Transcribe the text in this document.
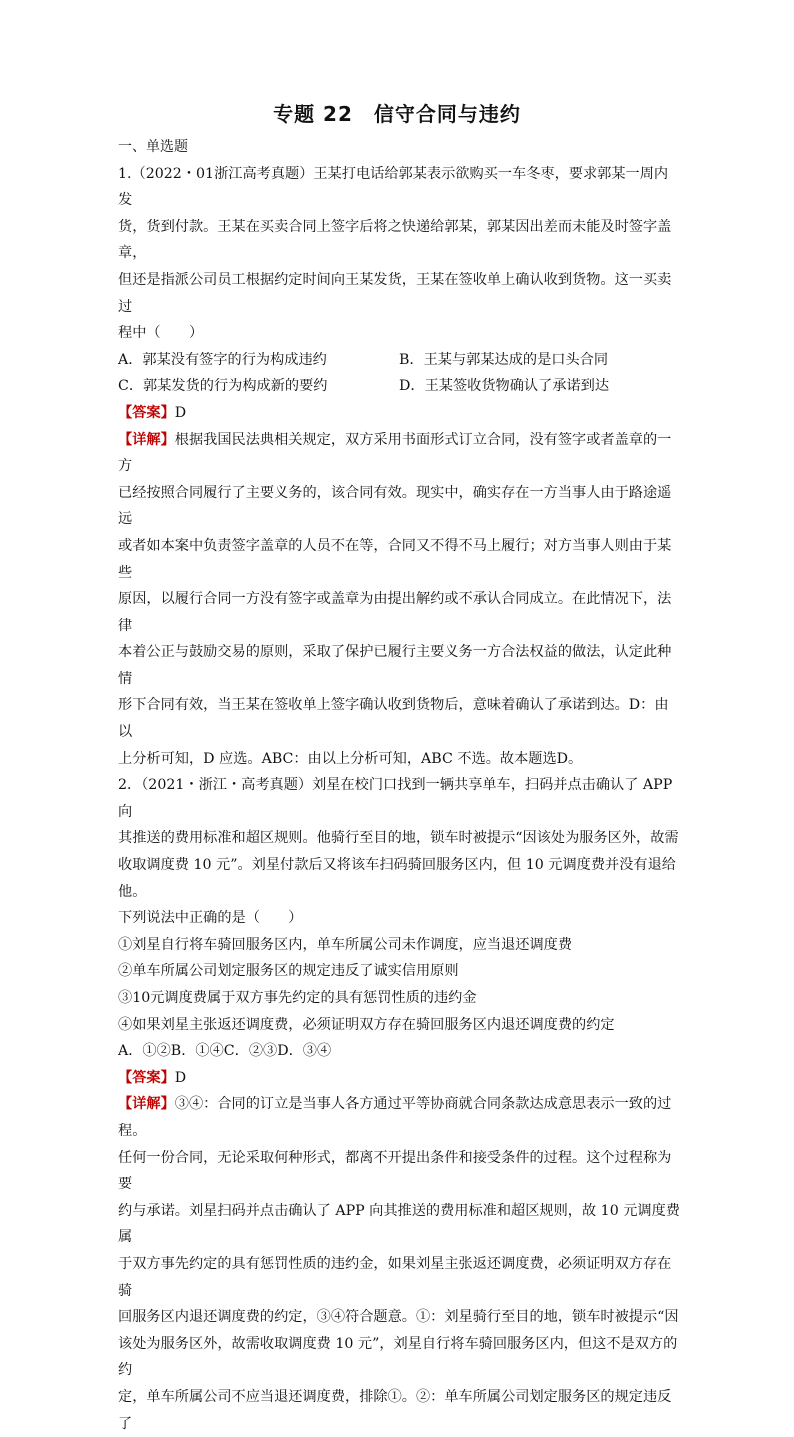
专题 22　信守合同与违约

一、单选题

1.（2022・01浙江高考真题）王某打电话给郭某表示欲购买一车冬枣，要求郭某一周内发

货，货到付款。王某在买卖合同上签字后将之快递给郭某，郭某因出差而未能及时签字盖章，

但还是指派公司员工根据约定时间向王某发货，王某在签收单上确认收到货物。这一买卖过

程中（　　）

A．郭某没有签字的行为构成违约	B．王某与郭某达成的是口头合同
C．郭某发货的行为构成新的要约	D．王某签收货物确认了承诺到达

【答案】D

【详解】根据我国民法典相关规定，双方采用书面形式订立合同，没有签字或者盖章的一方

已经按照合同履行了主要义务的，该合同有效。现实中，确实存在一方当事人由于路途遥远

或者如本案中负责签字盖章的人员不在等，合同又不得不马上履行；对方当事人则由于某些

原因，以履行合同一方没有签字或盖章为由提出解约或不承认合同成立。在此情况下，法律

本着公正与鼓励交易的原则，采取了保护已履行主要义务一方合法权益的做法，认定此种情

形下合同有效，当王某在签收单上签字确认收到货物后，意味着确认了承诺到达。D：由以

上分析可知，D 应选。ABC：由以上分析可知，ABC 不选。故本题选D。

2．（2021・浙江・高考真题）刘星在校门口找到一辆共享单车，扫码并点击确认了 APP 向

其推送的费用标准和超区规则。他骑行至目的地，锁车时被提示“因该处为服务区外，故需

收取调度费 10 元”。刘星付款后又将该车扫码骑回服务区内，但 10 元调度费并没有退给他。

下列说法中正确的是（　　）

①刘星自行将车骑回服务区内，单车所属公司未作调度，应当退还调度费

②单车所属公司划定服务区的规定违反了诚实信用原则

③10元调度费属于双方事先约定的具有惩罚性质的违约金

④如果刘星主张返还调度费，必须证明双方存在骑回服务区内退还调度费的约定

A．①②B．①④C．②③D．③④

【答案】D

【详解】③④：合同的订立是当事人各方通过平等协商就合同条款达成意思表示一致的过程。

任何一份合同，无论采取何种形式，都离不开提出条件和接受条件的过程。这个过程称为要

约与承诺。刘星扫码并点击确认了 APP 向其推送的费用标准和超区规则，故 10 元调度费属

于双方事先约定的具有惩罚性质的违约金，如果刘星主张返还调度费，必须证明双方存在骑

回服务区内退还调度费的约定，③④符合题意。①：刘星骑行至目的地，锁车时被提示“因

该处为服务区外，故需收取调度费 10 元”，刘星自行将车骑回服务区内，但这不是双方的约

定，单车所属公司不应当退还调度费，排除①。②：单车所属公司划定服务区的规定违反了
